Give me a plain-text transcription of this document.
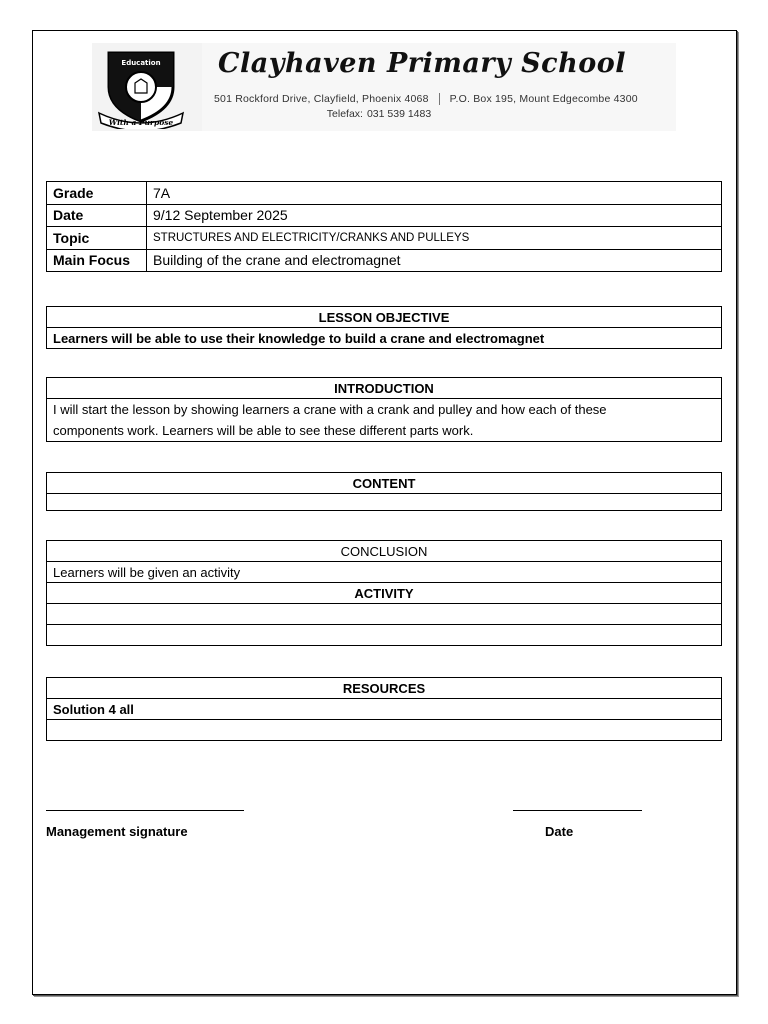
Education
With a Purpose
Clayhaven Primary School
501 Rockford Drive, Clayfield, Phoenix 4068 P.O. Box 195, Mount Edgecombe 4300
Telefax: 031 539 1483
Grade	7A
Date	9/12 September 2025
Topic	STRUCTURES AND ELECTRICITY/CRANKS AND PULLEYS
Main Focus	Building of the crane and electromagnet
LESSON OBJECTIVE
Learners will be able to use their knowledge to build a crane and electromagnet
INTRODUCTION

I will start the lesson by showing learners a crane with a crank and pulley and how each of these
components work. Learners will be able to see these different parts work.
CONTENT

CONCLUSION
Learners will be given an activity
ACTIVITY

RESOURCES
Solution 4 all

Management signature	Date
